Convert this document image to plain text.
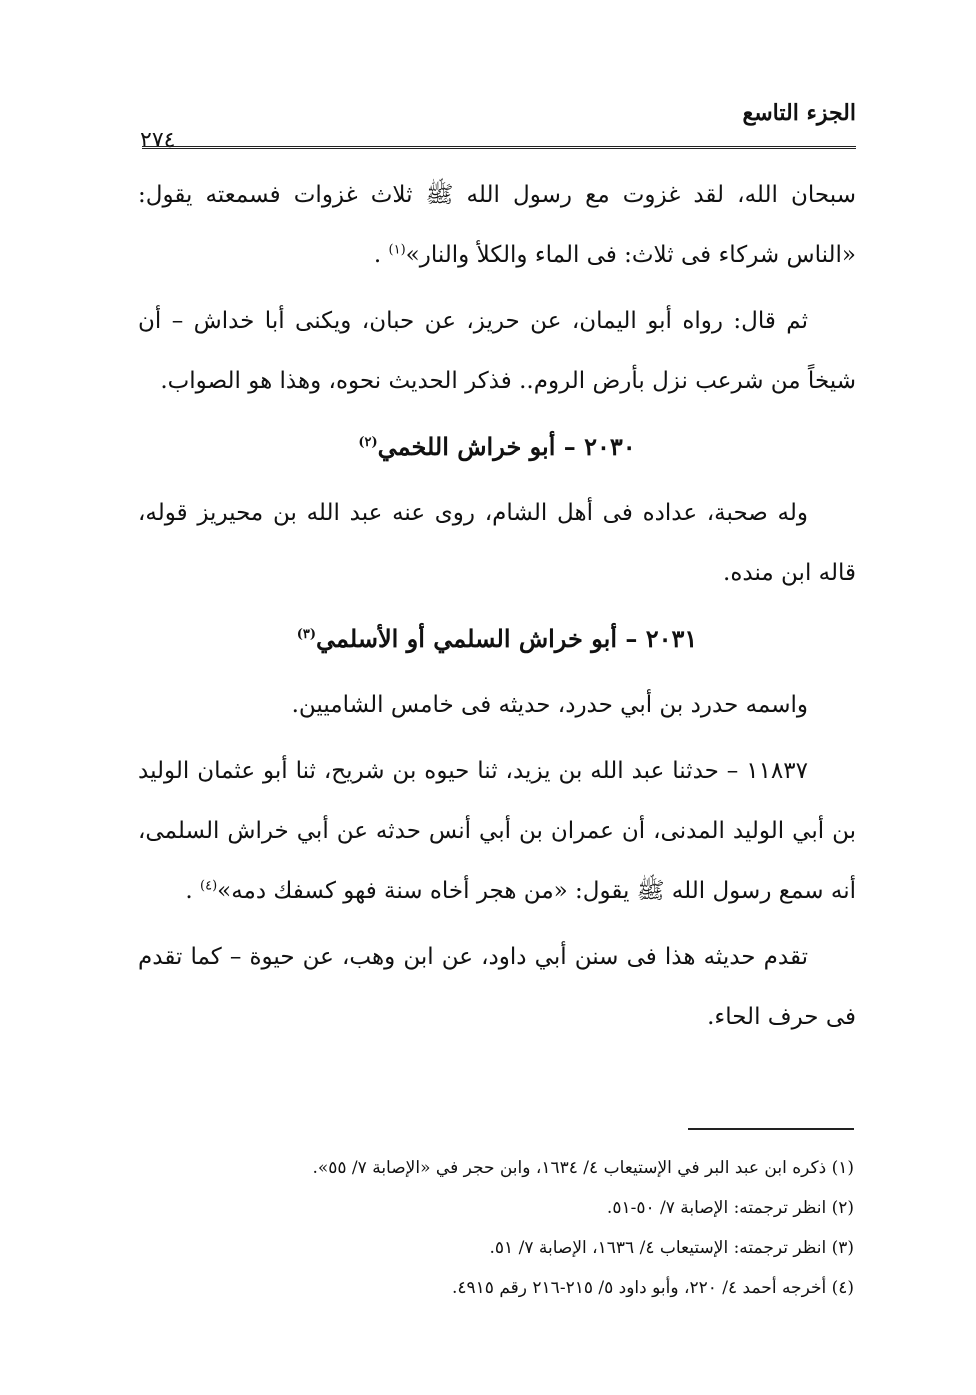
الجزء التاسع
٢٧٤

سبحان الله، لقد غزوت مع رسول الله ﷺ ثلاث غزوات فسمعته يقول: «الناس شركاء فى ثلاث: فى الماء والكلأ والنار»$^{(١)}$ .

ثم قال: رواه أبو اليمان، عن حريز، عن حبان، ويكنى أبا خداش – أن شيخاً من شرعب نزل بأرض الروم.. فذكر الحديث نحوه، وهذا هو الصواب.

٢٠٣٠ – أبو خراش اللخمي$^{(٢)}$

وله صحبة، عداده فى أهل الشام، روى عنه عبد الله بن محيريز قوله، قاله ابن منده.

٢٠٣١ – أبو خراش السلمي أو الأسلمي$^{(٣)}$

واسمه حدرد بن أبي حدرد، حديثه فى خامس الشاميين.

١١٨٣٧ – حدثنا عبد الله بن يزيد، ثنا حيوه بن شريح، ثنا أبو عثمان الوليد بن أبي الوليد المدنى، أن عمران بن أبي أنس حدثه عن أبي خراش السلمى، أنه سمع رسول الله ﷺ يقول: «من هجر أخاه سنة فهو كسفك دمه»$^{(٤)}$ .

تقدم حديثه هذا فى سنن أبي داود، عن ابن وهب، عن حيوة – كما تقدم فى حرف الحاء.

(١) ذكره ابن عبد البر في الإستيعاب ٤/ ١٦٣٤، وابن حجر في «الإصابة ٧/ ٥٥».

(٢) انظر ترجمته: الإصابة ٧/ ٥٠-٥١.

(٣) انظر ترجمته: الإستيعاب ٤/ ١٦٣٦، الإصابة ٧/ ٥١.

(٤) أخرجه أحمد ٤/ ٢٢٠، وأبو داود ٥/ ٢١٥-٢١٦ رقم ٤٩١٥.
